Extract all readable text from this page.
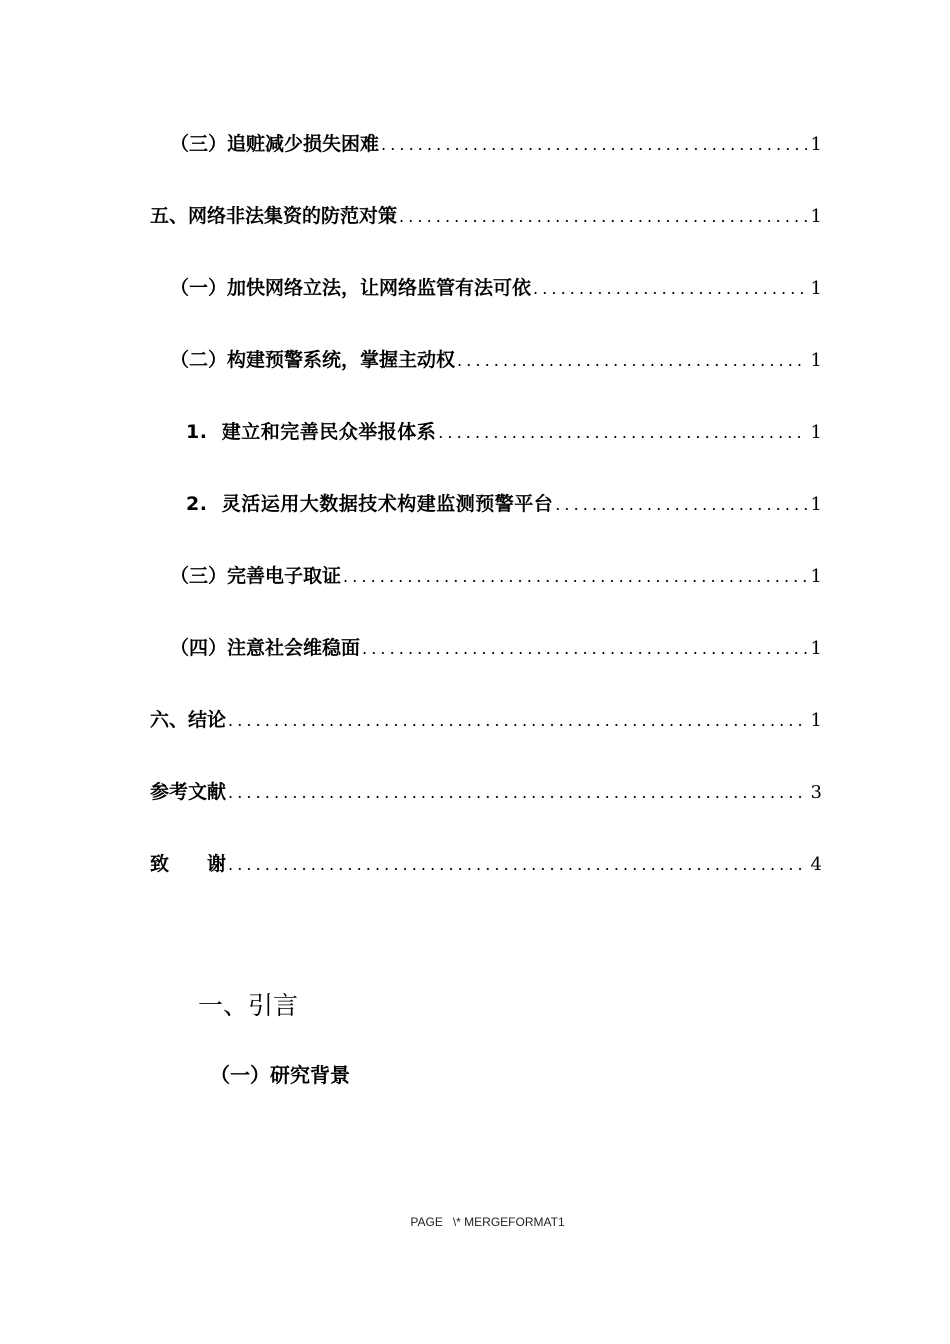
（三）追赃减少损失困难 .....	1
五、网络非法集资的防范对策 .....	1
（一）加快网络立法，让网络监管有法可依 .....	1
（二）构建预警系统，掌握主动权 .....	1
1. 建立和完善民众举报体系 .....	1
2. 灵活运用大数据技术构建监测预警平台 .....	1
（三）完善电子取证 .....	1
（四）注意社会维稳面 .....	1
六、结论 .....	1
参考文献 .....	3
致　　谢 .....	4
一、引言
（一）研究背景
PAGE   \* MERGEFORMAT1
